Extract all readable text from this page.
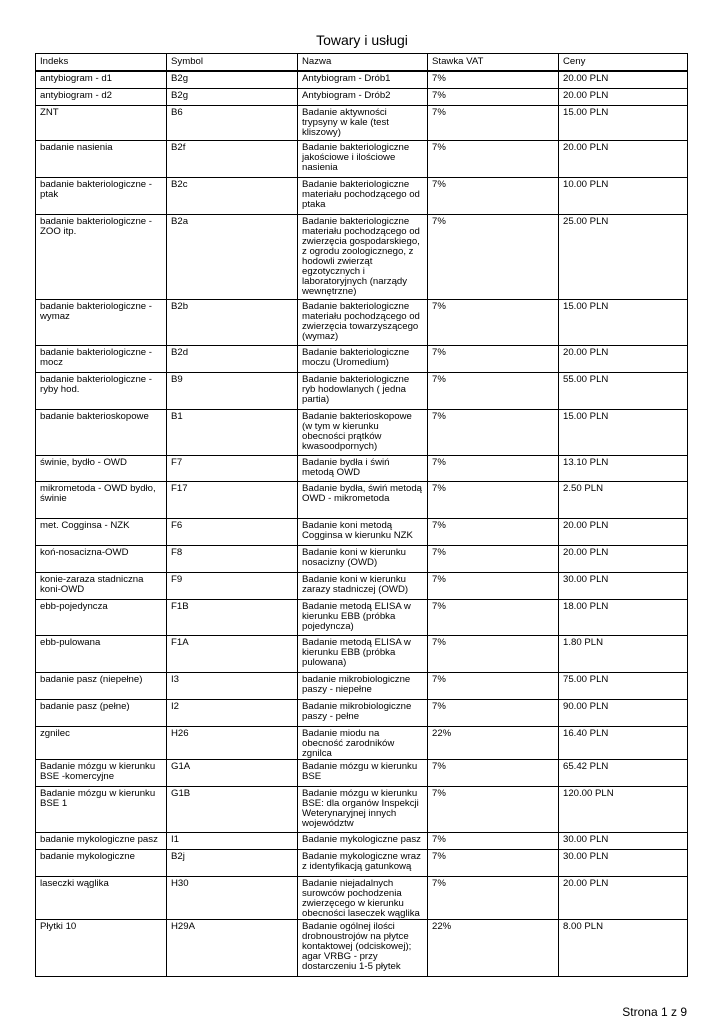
Towary i usługi
Indeks	Symbol	Nazwa	Stawka VAT	Ceny
antybiogram - d1	B2g	Antybiogram - Drób1	7%	20.00 PLN
antybiogram - d2	B2g	Antybiogram - Drób2	7%	20.00 PLN
ZNT	B6	Badanie aktywności trypsyny w kale (test kliszowy)	7%	15.00 PLN
badanie nasienia	B2f	Badanie bakteriologiczne jakościowe i ilościowe nasienia	7%	20.00 PLN
badanie bakteriologiczne - ptak	B2c	Badanie bakteriologiczne materiału pochodzącego od ptaka	7%	10.00 PLN
badanie bakteriologiczne - ZOO itp.	B2a	Badanie bakteriologiczne materiału pochodzącego od zwierzęcia gospodarskiego, z ogrodu zoologicznego, z hodowli zwierząt egzotycznych i laboratoryjnych (narządy wewnętrzne)	7%	25.00 PLN
badanie bakteriologiczne - wymaz	B2b	Badanie bakteriologiczne materiału pochodzącego od zwierzęcia towarzyszącego (wymaz)	7%	15.00 PLN
badanie bakteriologiczne - mocz	B2d	Badanie bakteriologiczne moczu (Uromedium)	7%	20.00 PLN
badanie bakteriologiczne - ryby hod.	B9	Badanie bakteriologiczne ryb hodowlanych ( jedna partia)	7%	55.00 PLN
badanie bakterioskopowe	B1	Badanie bakterioskopowe (w tym w kierunku obecności prątków kwasoodpornych)	7%	15.00 PLN
świnie, bydło - OWD	F7	Badanie bydła i świń metodą OWD	7%	13.10 PLN
mikrometoda - OWD bydło, świnie	F17	Badanie bydła, świń metodą OWD - mikrometoda	7%	2.50 PLN
met. Cogginsa - NZK	F6	Badanie koni metodą Cogginsa w kierunku NZK	7%	20.00 PLN
koń-nosacizna-OWD	F8	Badanie koni w kierunku nosacizny (OWD)	7%	20.00 PLN
konie-zaraza stadniczna koni-OWD	F9	Badanie koni w kierunku zarazy stadniczej (OWD)	7%	30.00 PLN
ebb-pojedyncza	F1B	Badanie metodą ELISA w kierunku EBB (próbka pojedyncza)	7%	18.00 PLN
ebb-pulowana	F1A	Badanie metodą ELISA w kierunku EBB (próbka pulowana)	7%	1.80 PLN
badanie pasz (niepełne)	I3	badanie mikrobiologiczne paszy - niepełne	7%	75.00 PLN
badanie pasz (pełne)	I2	Badanie mikrobiologiczne paszy - pełne	7%	90.00 PLN
zgnilec	H26	Badanie miodu na obecność zarodników zgnilca	22%	16.40 PLN
Badanie mózgu w kierunku BSE -komercyjne	G1A	Badanie mózgu w kierunku BSE	7%	65.42 PLN
Badanie mózgu w kierunku BSE 1	G1B	Badanie mózgu w kierunku BSE: dla organów Inspekcji Weterynaryjnej innych województw	7%	120.00 PLN
badanie mykologiczne pasz	I1	Badanie mykologiczne pasz	7%	30.00 PLN
badanie mykologiczne	B2j	Badanie mykologiczne wraz z identyfikacją gatunkową	7%	30.00 PLN
laseczki wąglika	H30	Badanie niejadalnych surowców pochodzenia zwierzęcego w kierunku obecności laseczek wąglika	7%	20.00 PLN
Płytki 10	H29A	Badanie ogólnej ilości drobnoustrojów na płytce kontaktowej (odciskowej); agar VRBG - przy dostarczeniu 1-5 płytek	22%	8.00 PLN
Strona 1 z 9
